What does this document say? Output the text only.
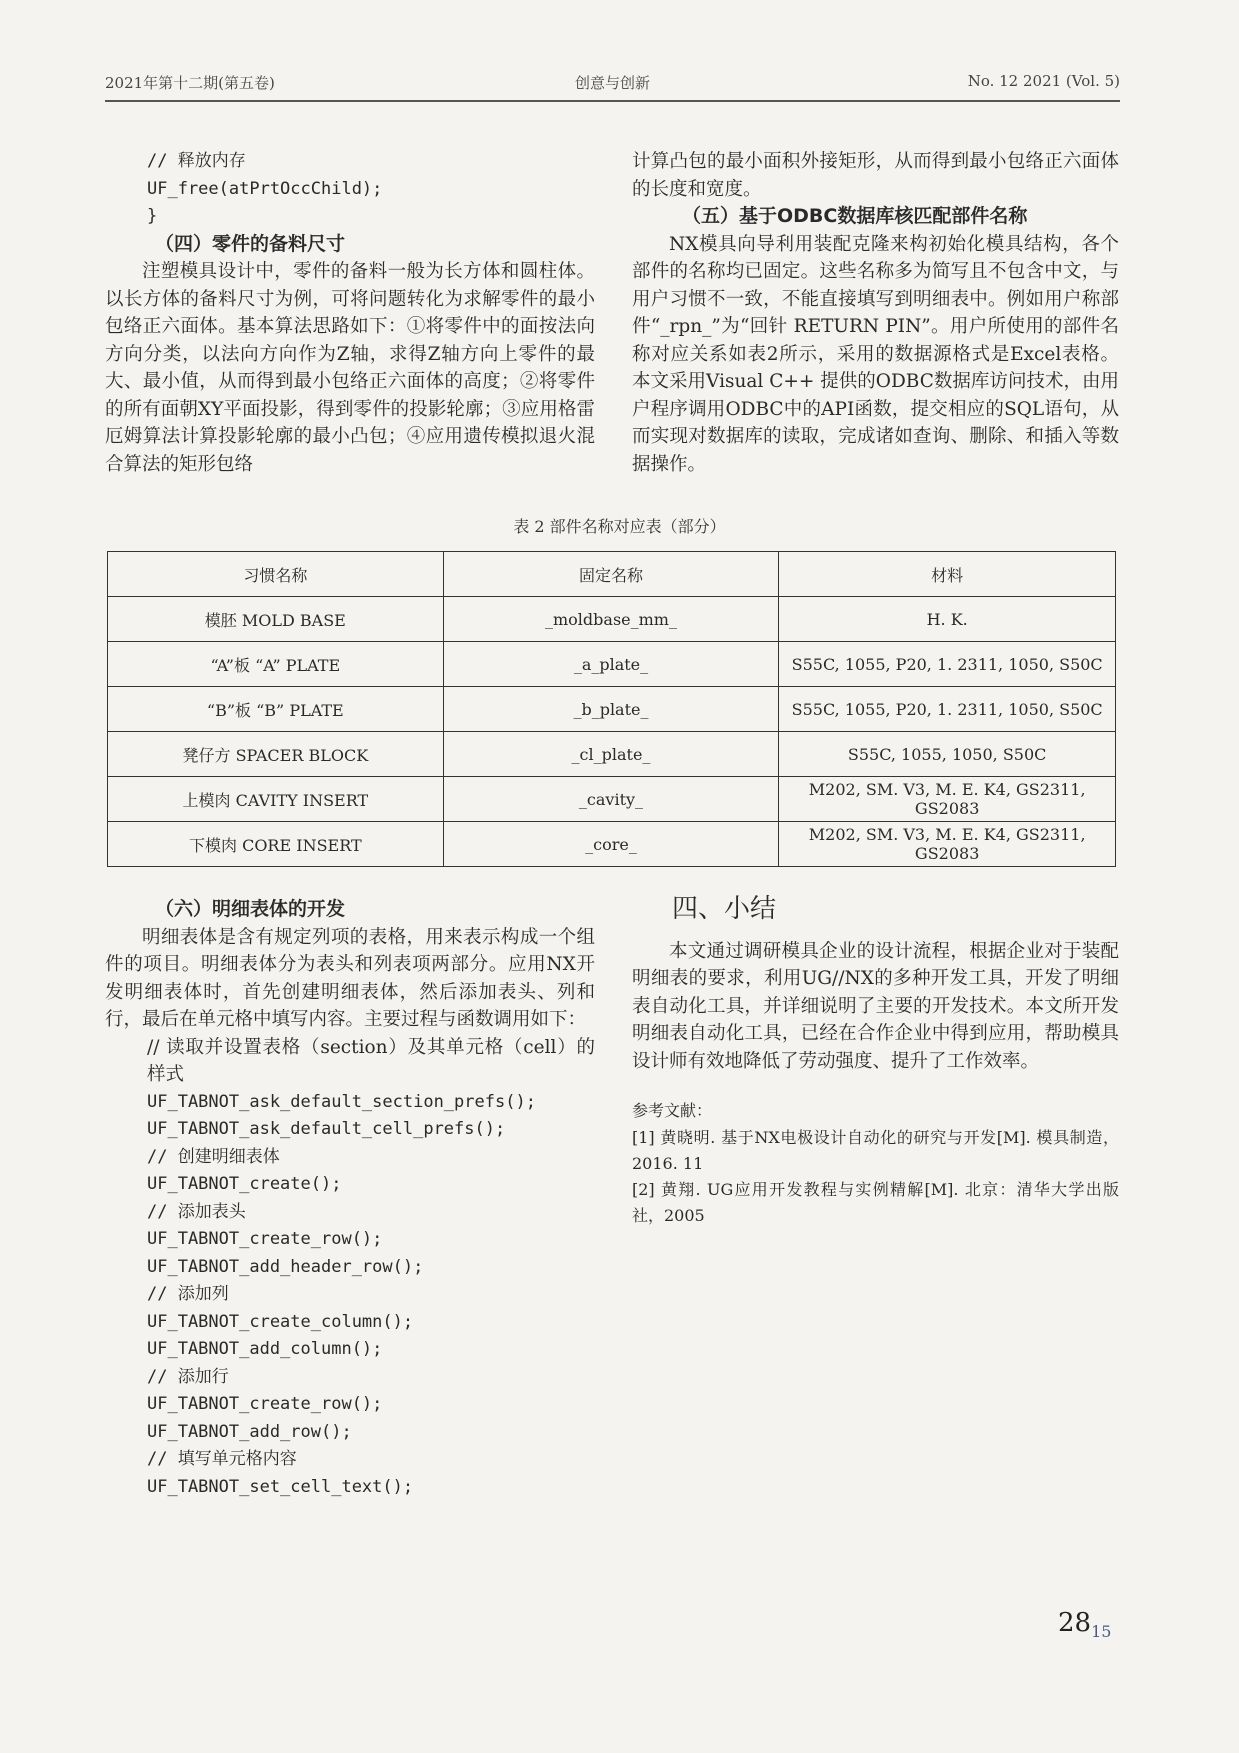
2021年第十二期(第五卷)	创意与创新	No. 12 2021 (Vol. 5)
// 释放内存
UF_free(atPrtOccChild);
}

（四）零件的备料尺寸

注塑模具设计中，零件的备料一般为长方体和圆柱体。以长方体的备料尺寸为例，可将问题转化为求解零件的最小包络正六面体。基本算法思路如下：①将零件中的面按法向方向分类，以法向方向作为Z轴，求得Z轴方向上零件的最大、最小值，从而得到最小包络正六面体的高度；②将零件的所有面朝XY平面投影，得到零件的投影轮廓；③应用格雷厄姆算法计算投影轮廓的最小凸包；④应用遗传模拟退火混合算法的矩形包络

计算凸包的最小面积外接矩形，从而得到最小包络正六面体的长度和宽度。

（五）基于ODBC数据库核匹配部件名称

NX模具向导利用装配克隆来构初始化模具结构，各个部件的名称均已固定。这些名称多为简写且不包含中文，与用户习惯不一致，不能直接填写到明细表中。例如用户称部件“_rpn_”为“回针 RETURN PIN”。用户所使用的部件名称对应关系如表2所示，采用的数据源格式是Excel表格。本文采用Visual C++ 提供的ODBC数据库访问技术，由用户程序调用ODBC中的API函数，提交相应的SQL语句，从而实现对数据库的读取，完成诸如查询、删除、和插入等数据操作。

表 2 部件名称对应表（部分）
习惯名称	固定名称	材料
模胚 MOLD BASE	_moldbase_mm_	H. K.
“A”板 “A” PLATE	_a_plate_	S55C, 1055, P20, 1. 2311, 1050, S50C
“B”板 “B” PLATE	_b_plate_	S55C, 1055, P20, 1. 2311, 1050, S50C
凳仔方 SPACER BLOCK	_cl_plate_	S55C, 1055, 1050, S50C
上模肉 CAVITY INSERT	_cavity_	M202, SM. V3, M. E. K4, GS2311, GS2083
下模肉 CORE INSERT	_core_	M202, SM. V3, M. E. K4, GS2311, GS2083

（六）明细表体的开发

明细表体是含有规定列项的表格，用来表示构成一个组件的项目。明细表体分为表头和列表项两部分。应用NX开发明细表体时，首先创建明细表体，然后添加表头、列和行，最后在单元格中填写内容。主要过程与函数调用如下：

// 读取并设置表格（section）及其单元格（cell）的样式

UF_TABNOT_ask_default_section_prefs();
UF_TABNOT_ask_default_cell_prefs();
// 创建明细表体
UF_TABNOT_create();
// 添加表头
UF_TABNOT_create_row();
UF_TABNOT_add_header_row();
// 添加列
UF_TABNOT_create_column();
UF_TABNOT_add_column();
// 添加行
UF_TABNOT_create_row();
UF_TABNOT_add_row();
// 填写单元格内容
UF_TABNOT_set_cell_text();

四、小结

本文通过调研模具企业的设计流程，根据企业对于装配明细表的要求，利用UG//NX的多种开发工具，开发了明细表自动化工具，并详细说明了主要的开发技术。本文所开发明细表自动化工具，已经在合作企业中得到应用，帮助模具设计师有效地降低了劳动强度、提升了工作效率。

参考文献：

[1] 黄晓明. 基于NX电极设计自动化的研究与开发[M]. 模具制造，2016. 11

[2] 黄翔. UG应用开发教程与实例精解[M]. 北京：清华大学出版社，2005

$28_{15}$
